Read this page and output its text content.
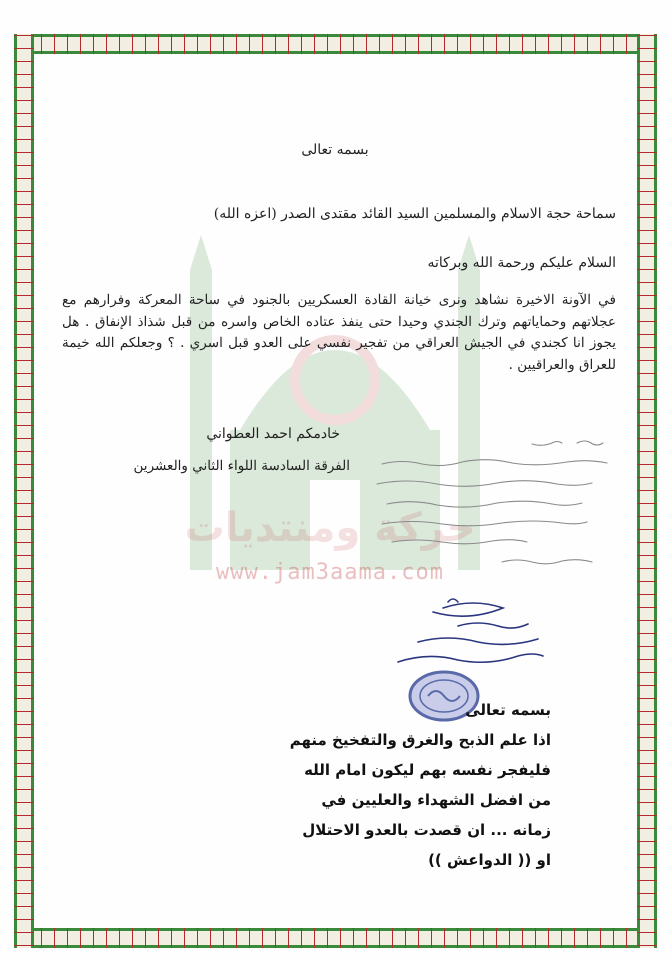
حركة ومنتديات
www.jam3aama.com
بسمه تعالى
سماحة حجة الاسلام والمسلمين السيد القائد مقتدى الصدر (اعزه الله)
السلام عليكم ورحمة الله وبركاته
في الآونة الاخيرة نشاهد ونرى خيانة القادة العسكريين بالجنود في ساحة المعركة وفرارهم مع عجلاتهم وحماياتهم وترك الجندي وحيدا حتى ينفذ عتاده الخاص واسره من قبل شذاذ الإنفاق . هل يجوز انا كجندي في الجيش العراقي من تفجير نفسي على العدو قبل اسري . ؟ وجعلكم الله خيمة للعراق والعراقيين .
خادمكم احمد العطواني
الفرقة السادسة اللواء الثاني والعشرين
بسمه تعالى
اذا علم الذبح والغرق والتفخيخ منهم
فليفجر نفسه بهم ليكون امام الله
من افضل الشهداء والعليين في
زمانه ... ان قصدت بالعدو الاحتلال
او (( الدواعش ))
